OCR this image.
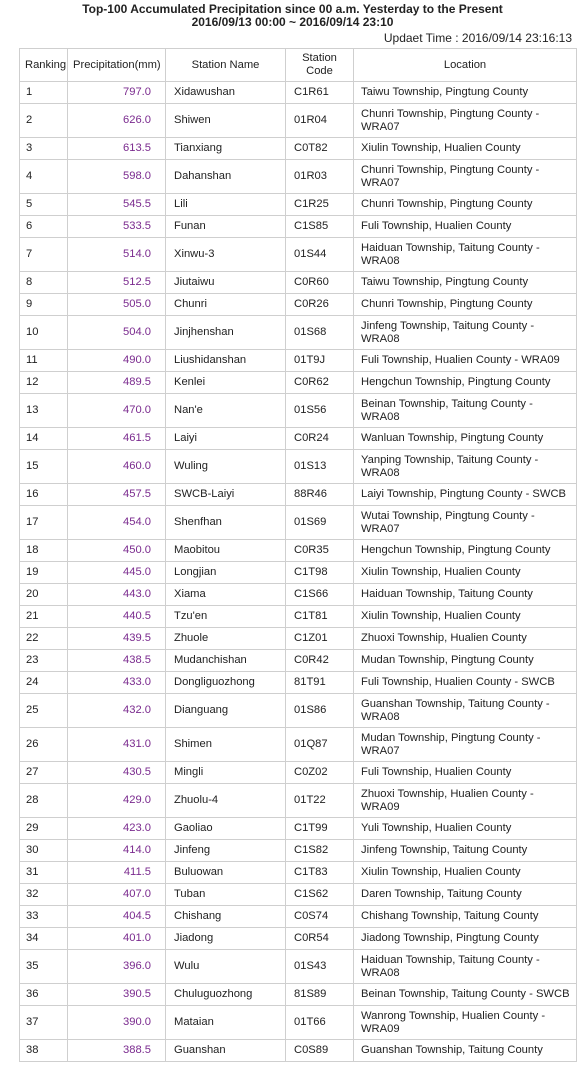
Top-100 Accumulated Precipitation since 00 a.m. Yesterday to the Present
2016/09/13 00:00 ~ 2016/09/14 23:10
Updaet Time : 2016/09/14 23:16:13
Ranking	Precipitation(mm)	Station Name	Station Code	Location
1	797.0	Xidawushan	C1R61	Taiwu Township, Pingtung County
2	626.0	Shiwen	01R04	Chunri Township, Pingtung County - WRA07
3	613.5	Tianxiang	C0T82	Xiulin Township, Hualien County
4	598.0	Dahanshan	01R03	Chunri Township, Pingtung County - WRA07
5	545.5	Lili	C1R25	Chunri Township, Pingtung County
6	533.5	Funan	C1S85	Fuli Township, Hualien County
7	514.0	Xinwu-3	01S44	Haiduan Township, Taitung County - WRA08
8	512.5	Jiutaiwu	C0R60	Taiwu Township, Pingtung County
9	505.0	Chunri	C0R26	Chunri Township, Pingtung County
10	504.0	Jinjhenshan	01S68	Jinfeng Township, Taitung County - WRA08
11	490.0	Liushidanshan	01T9J	Fuli Township, Hualien County - WRA09
12	489.5	Kenlei	C0R62	Hengchun Township, Pingtung County
13	470.0	Nan'e	01S56	Beinan Township, Taitung County - WRA08
14	461.5	Laiyi	C0R24	Wanluan Township, Pingtung County
15	460.0	Wuling	01S13	Yanping Township, Taitung County - WRA08
16	457.5	SWCB-Laiyi	88R46	Laiyi Township, Pingtung County - SWCB
17	454.0	Shenfhan	01S69	Wutai Township, Pingtung County - WRA07
18	450.0	Maobitou	C0R35	Hengchun Township, Pingtung County
19	445.0	Longjian	C1T98	Xiulin Township, Hualien County
20	443.0	Xiama	C1S66	Haiduan Township, Taitung County
21	440.5	Tzu'en	C1T81	Xiulin Township, Hualien County
22	439.5	Zhuole	C1Z01	Zhuoxi Township, Hualien County
23	438.5	Mudanchishan	C0R42	Mudan Township, Pingtung County
24	433.0	Dongliguozhong	81T91	Fuli Township, Hualien County - SWCB
25	432.0	Dianguang	01S86	Guanshan Township, Taitung County - WRA08
26	431.0	Shimen	01Q87	Mudan Township, Pingtung County - WRA07
27	430.5	Mingli	C0Z02	Fuli Township, Hualien County
28	429.0	Zhuolu-4	01T22	Zhuoxi Township, Hualien County - WRA09
29	423.0	Gaoliao	C1T99	Yuli Township, Hualien County
30	414.0	Jinfeng	C1S82	Jinfeng Township, Taitung County
31	411.5	Buluowan	C1T83	Xiulin Township, Hualien County
32	407.0	Tuban	C1S62	Daren Township, Taitung County
33	404.5	Chishang	C0S74	Chishang Township, Taitung County
34	401.0	Jiadong	C0R54	Jiadong Township, Pingtung County
35	396.0	Wulu	01S43	Haiduan Township, Taitung County - WRA08
36	390.5	Chuluguozhong	81S89	Beinan Township, Taitung County - SWCB
37	390.0	Mataian	01T66	Wanrong Township, Hualien County - WRA09
38	388.5	Guanshan	C0S89	Guanshan Township, Taitung County
